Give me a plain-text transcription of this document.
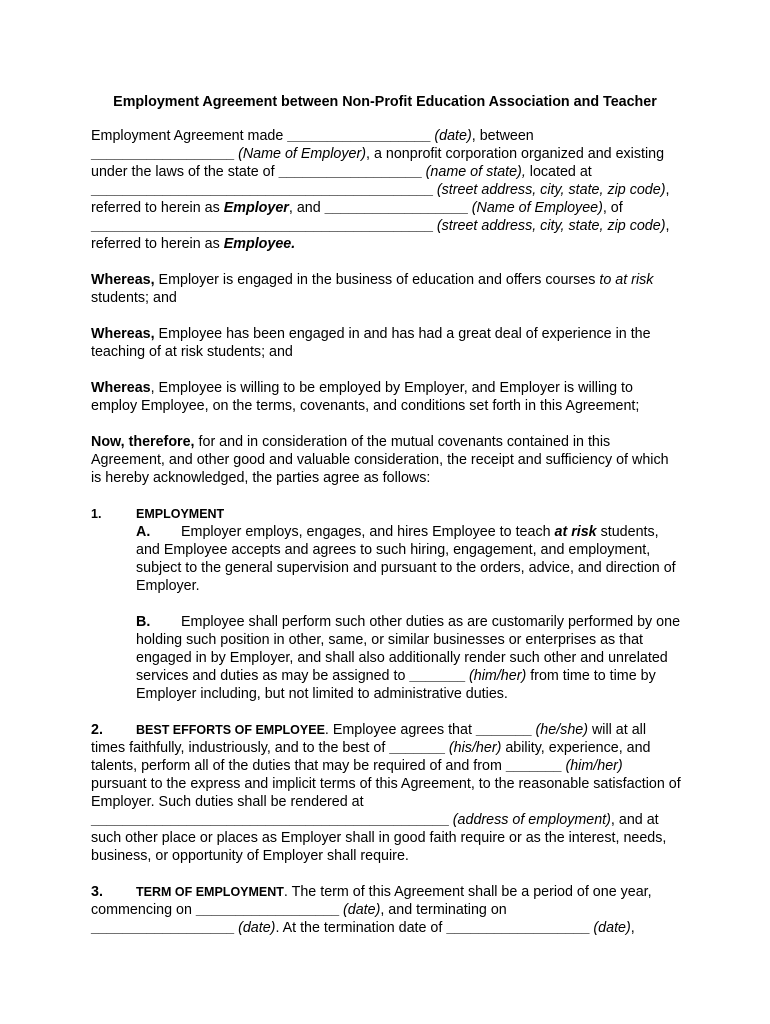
Employment Agreement between Non-Profit Education Association and Teacher

Employment Agreement made __________________ (date), between
__________________ (Name of Employer), a nonprofit corporation organized and existing under the laws of the state of __________________ (name of state), located at
___________________________________________ (street address, city, state, zip code), referred to herein as Employer, and __________________ (Name of Employee), of ___________________________________________ (street address, city, state, zip code), referred to herein as Employee.

Whereas, Employer is engaged in the business of education and offers courses to at risk students; and

Whereas, Employee has been engaged in and has had a great deal of experience in the teaching of at risk students; and

Whereas, Employee is willing to be employed by Employer, and Employer is willing to employ Employee, on the terms, covenants, and conditions set forth in this Agreement;

Now, therefore, for and in consideration of the mutual covenants contained in this Agreement, and other good and valuable consideration, the receipt and sufficiency of which is hereby acknowledged, the parties agree as follows:

1.	EMPLOYMENT
A. Employer employs, engages, and hires Employee to teach at risk students, and Employee accepts and agrees to such hiring, engagement, and employment, subject to the general supervision and pursuant to the orders, advice, and direction of Employer.
B. Employee shall perform such other duties as are customarily performed by one holding such position in other, same, or similar businesses or enterprises as that engaged in by Employer, and shall also additionally render such other and unrelated services and duties as may be assigned to _______ (him/her) from time to time by Employer including, but not limited to administrative duties.

2.	BEST EFFORTS OF EMPLOYEE. Employee agrees that _______ (he/she) will at all times faithfully, industriously, and to the best of _______ (his/her) ability, experience, and talents, perform all of the duties that may be required of and from _______ (him/her) pursuant to the express and implicit terms of this Agreement, to the reasonable satisfaction of Employer. Such duties shall be rendered at _____________________________________________ (address of employment), and at such other place or places as Employer shall in good faith require or as the interest, needs, business, or opportunity of Employer shall require.

3.	TERM OF EMPLOYMENT. The term of this Agreement shall be a period of one year, commencing on __________________ (date), and terminating on
__________________ (date). At the termination date of __________________ (date),
